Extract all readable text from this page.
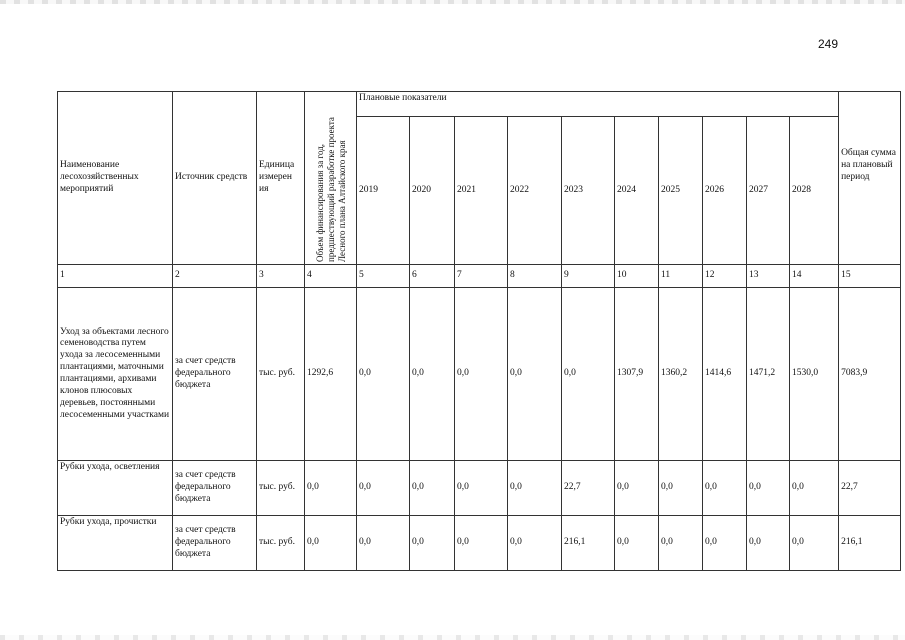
249
Наименование лесохозяйственных мероприятий	Источник средств	Единица измерен ия	Объем финансирования за год, предшествующий разработке проекта Лесного плана Алтайского края	Плановые показатели										Общая сумма на плановый период
				2019	2020	2021	2022	2023	2024	2025	2026	2027	2028	
1	2	3	4	5	6	7	8	9	10	11	12	13	14	15
Уход за объектами лесного семеноводства путем ухода за лесосеменными плантациями, маточными плантациями, архивами клонов плюсовых деревьев, постоянными лесосеменными участками	за счет средств федерального бюджета	тыс. руб.	1292,6	0,0	0,0	0,0	0,0	0,0	1307,9	1360,2	1414,6	1471,2	1530,0	7083,9
Рубки ухода, осветления	за счет средств федерального бюджета	тыс. руб.	0,0	0,0	0,0	0,0	0,0	22,7	0,0	0,0	0,0	0,0	0,0	22,7
Рубки ухода, прочистки	за счет средств федерального бюджета	тыс. руб.	0,0	0,0	0,0	0,0	0,0	216,1	0,0	0,0	0,0	0,0	0,0	216,1
